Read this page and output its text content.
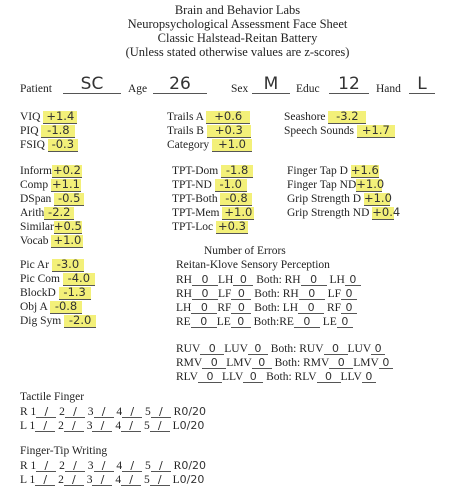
Brain and Behavior Labs
Neuropsychological Assessment Face Sheet
Classic Halstead-Reitan Battery
(Unless stated otherwise values are z-scores)
Patient	SC	Age	26	Sex M	Educ	12	Hand L
VIQ +1.4
PIQ -1.8
FSIQ -0.3
Trails A +0.6
Trails B +0.3
Category +1.0
Seashore -3.2
Speech Sounds +1.7
Inform+0.2
Comp +1.1
DSpan -0.5
Arith -2.2
Similar+0.5
Vocab +1.0
TPT-Dom -1.8
TPT-ND -1.0
TPT-Both -0.8
TPT-Mem +1.0
TPT-Loc +0.3
Finger Tap D +1.6
Finger Tap ND+1.0
Grip Strength D +1.0
Grip Strength ND +0.4
Number of Errors
Reitan-Klove Sensory Perception
Pic Ar -3.0
Pic Com -4.0
BlockD -1.3
Obj A -0.8
Dig Sym -2.0
RH 0 LH 0 Both: RH 0 LH 0
RH 0 LF 0 Both: RH 0 LF 0
LH 0 RF 0 Both: LH 0 RF 0
RE 0 LE 0 Both:RE 0 LE 0
RUV 0 LUV 0 Both: RUV 0 LUV 0
RMV 0 LMV 0 Both: RMV 0 LMV 0
RLV 0 LLV 0 Both: RLV 0 LLV 0
Tactile Finger
R 1 ∕ 2 ∕ 3 ∕ 4 ∕ 5 ∕ R0/20
L 1 ∕ 2 ∕ 3 ∕ 4 ∕ 5 ∕ L0/20
Finger-Tip Writing
R 1 ∕ 2 ∕ 3 ∕ 4 ∕ 5 ∕ R0/20
L 1 ∕ 2 ∕ 3 ∕ 4 ∕ 5 ∕ L0/20
